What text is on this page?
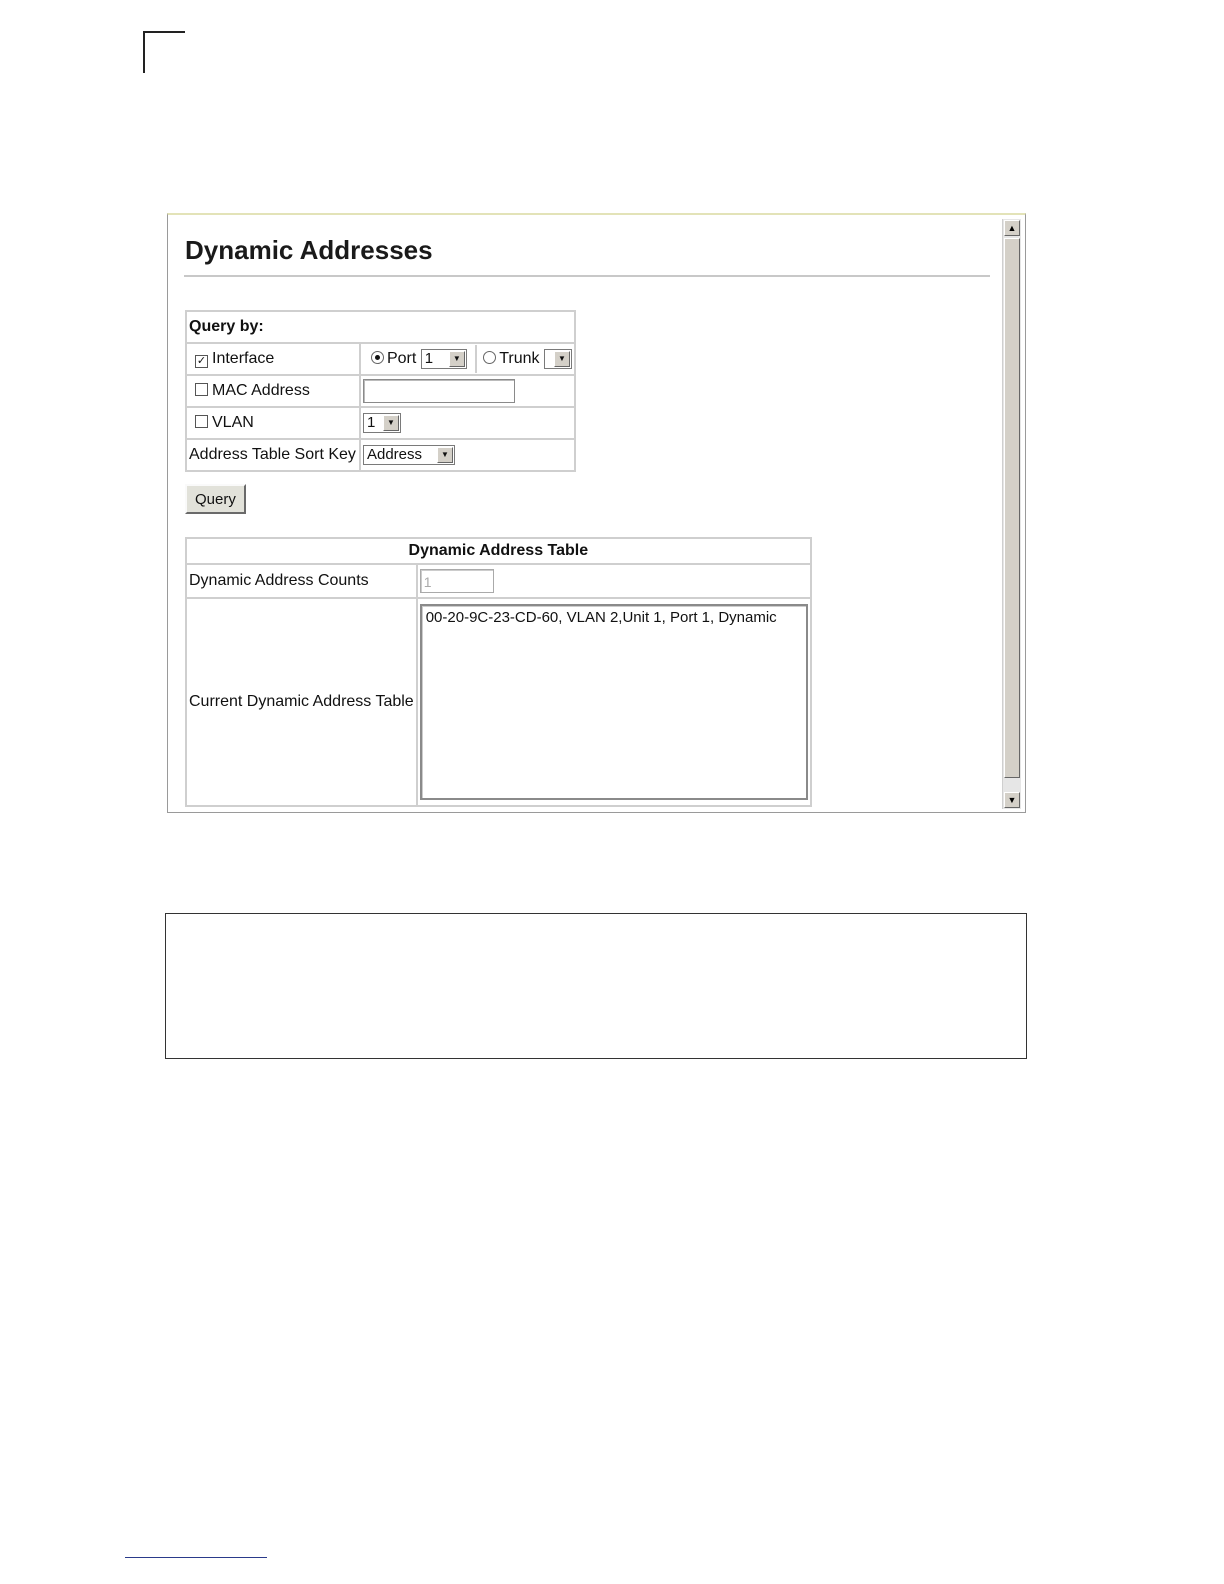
Dynamic Addresses
Query by:	
✓ Interface	Port 1 ▼ Trunk ▼

MAC Address	
VLAN	1 ▼

Address Table Sort Key	Address ▼
Query
Dynamic Address Table	
Dynamic Address Counts	1
Current Dynamic Address Table	00-20-9C-23-CD-60, VLAN 2,Unit 1, Port 1, Dynamic
▲
▼
